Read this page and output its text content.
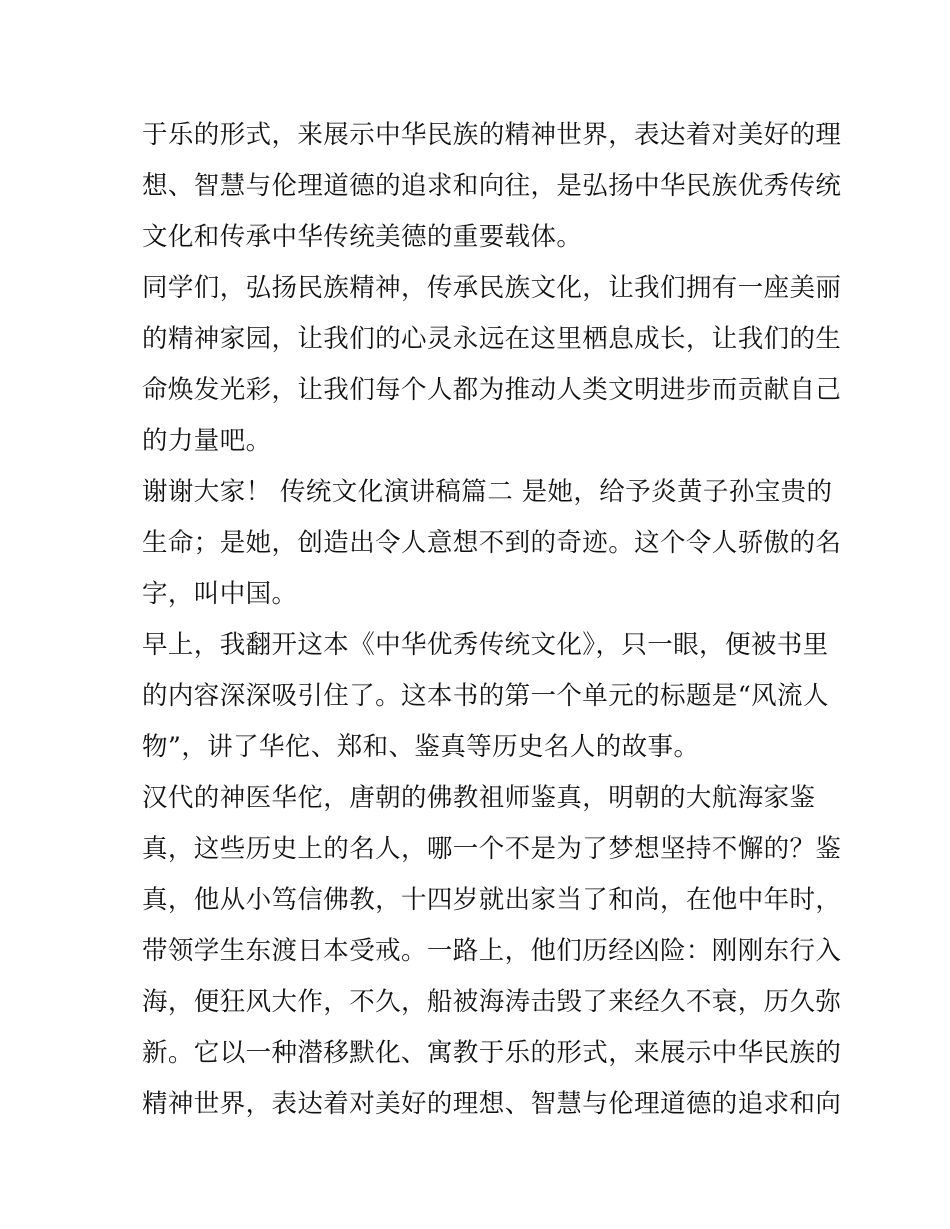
于乐的形式，来展示中华民族的精神世界，表达着对美好的理
想、智慧与伦理道德的追求和向往，是弘扬中华民族优秀传统
文化和传承中华传统美德的重要载体。
同学们，弘扬民族精神，传承民族文化，让我们拥有一座美丽
的精神家园，让我们的心灵永远在这里栖息成长，让我们的生
命焕发光彩，让我们每个人都为推动人类文明进步而贡献自己
的力量吧。
谢谢大家！ 传统文化演讲稿篇二 是她，给予炎黄子孙宝贵的
生命；是她，创造出令人意想不到的奇迹。这个令人骄傲的名
字，叫中国。
早上，我翻开这本《中华优秀传统文化》，只一眼，便被书里
的内容深深吸引住了。这本书的第一个单元的标题是“风流人
物”，讲了华佗、郑和、鉴真等历史名人的故事。
汉代的神医华佗，唐朝的佛教祖师鉴真，明朝的大航海家鉴
真，这些历史上的名人，哪一个不是为了梦想坚持不懈的？鉴
真，他从小笃信佛教，十四岁就出家当了和尚，在他中年时，
带领学生东渡日本受戒。一路上，他们历经凶险：刚刚东行入
海，便狂风大作，不久，船被海涛击毁了来经久不衰，历久弥
新。它以一种潜移默化、寓教于乐的形式，来展示中华民族的
精神世界，表达着对美好的理想、智慧与伦理道德的追求和向
